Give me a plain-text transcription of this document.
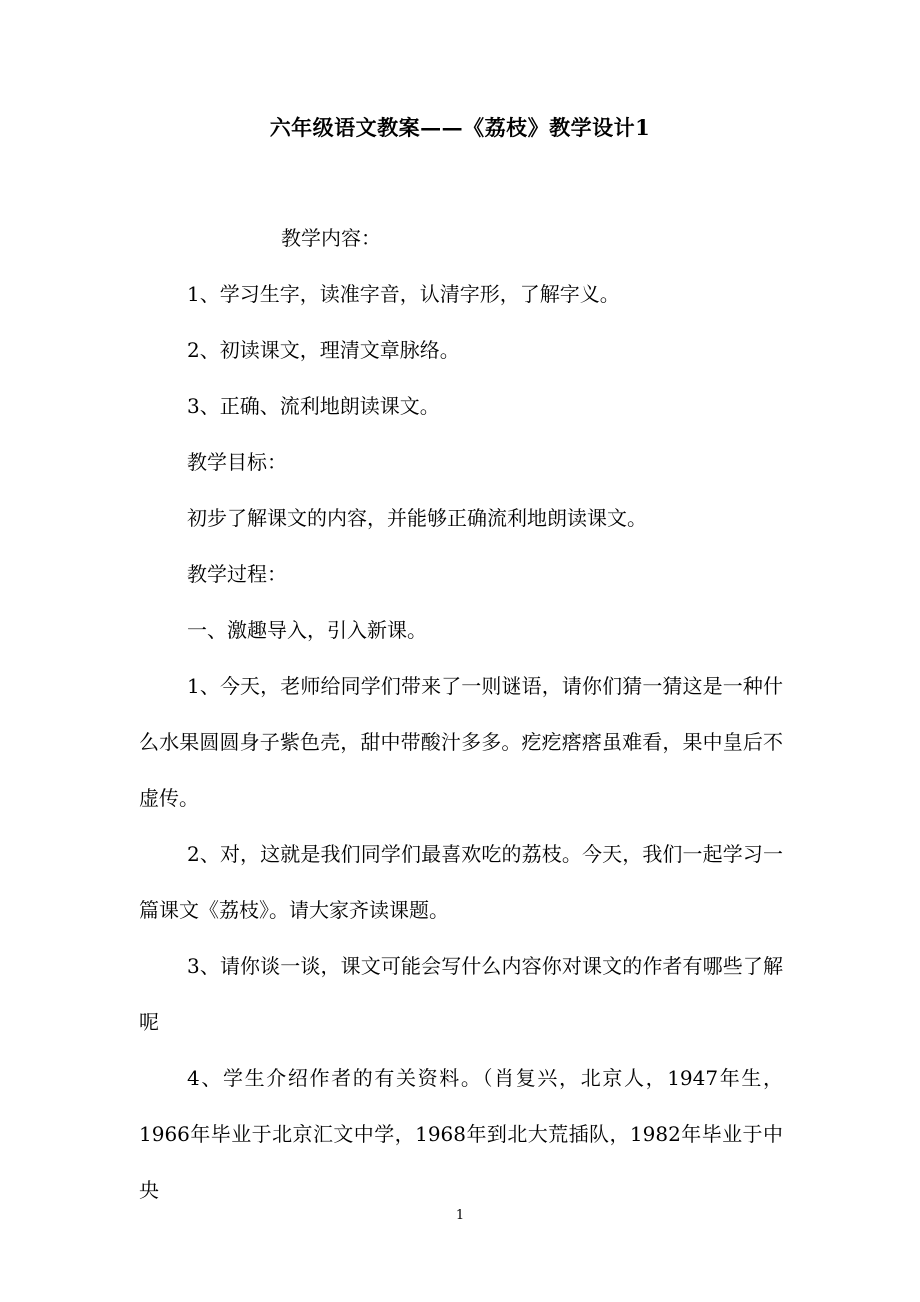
六年级语文教案——《荔枝》教学设计1
教学内容：
1、学习生字，读准字音，认清字形，了解字义。
2、初读课文，理清文章脉络。
3、正确、流利地朗读课文。
教学目标：
初步了解课文的内容，并能够正确流利地朗读课文。
教学过程：
一、激趣导入，引入新课。
1、今天，老师给同学们带来了一则谜语，请你们猜一猜这是一种什么水果圆圆身子紫色壳，甜中带酸汁多多。疙疙瘩瘩虽难看，果中皇后不虚传。
2、对，这就是我们同学们最喜欢吃的荔枝。今天，我们一起学习一篇课文《荔枝》。请大家齐读课题。
3、请你谈一谈，课文可能会写什么内容你对课文的作者有哪些了解呢
4、学生介绍作者的有关资料。（肖复兴，北京人，1947年生，1966年毕业于北京汇文中学，1968年到北大荒插队，1982年毕业于中央
1
